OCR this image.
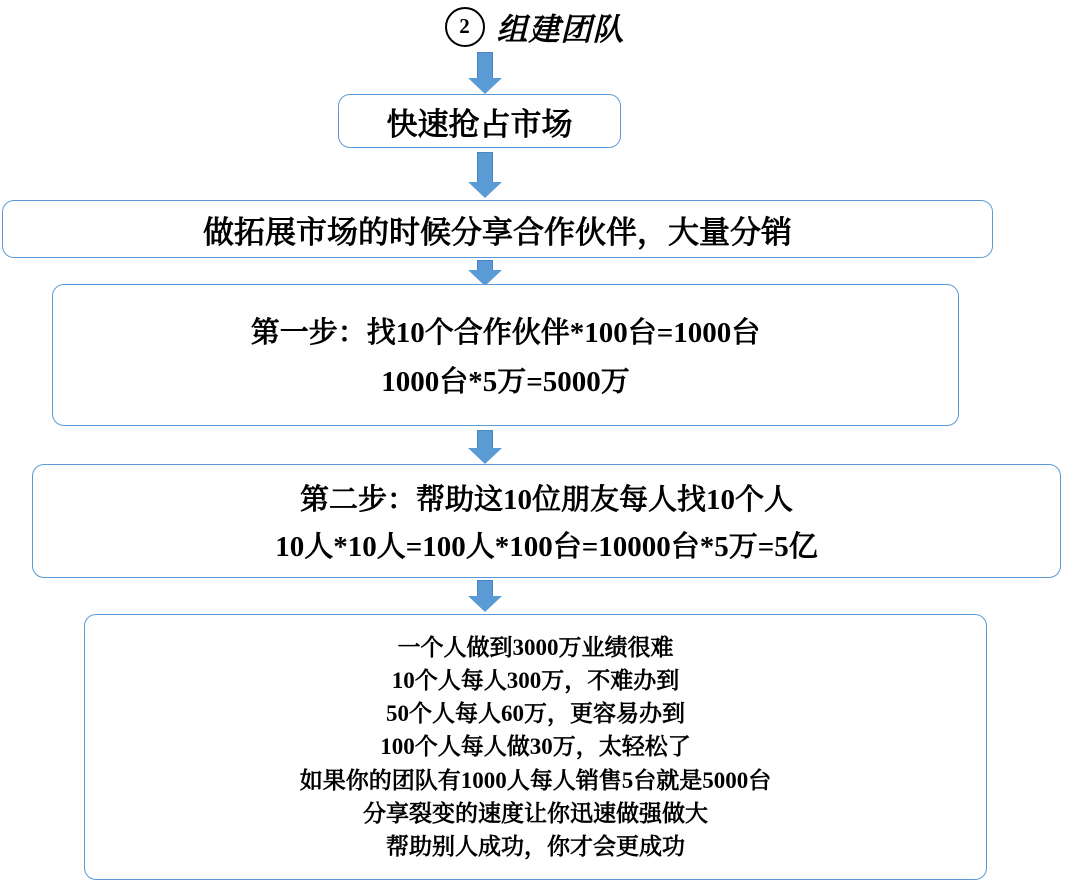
2 组建团队
快速抢占市场
做拓展市场的时候分享合作伙伴，大量分销
第一步：找10个合作伙伴*100台=1000台
1000台*5万=5000万
第二步：帮助这10位朋友每人找10个人
10人*10人=100人*100台=10000台*5万=5亿
一个人做到3000万业绩很难
10个人每人300万，不难办到
50个人每人60万，更容易办到
100个人每人做30万，太轻松了
如果你的团队有1000人每人销售5台就是5000台
分享裂变的速度让你迅速做强做大
帮助别人成功，你才会更成功
